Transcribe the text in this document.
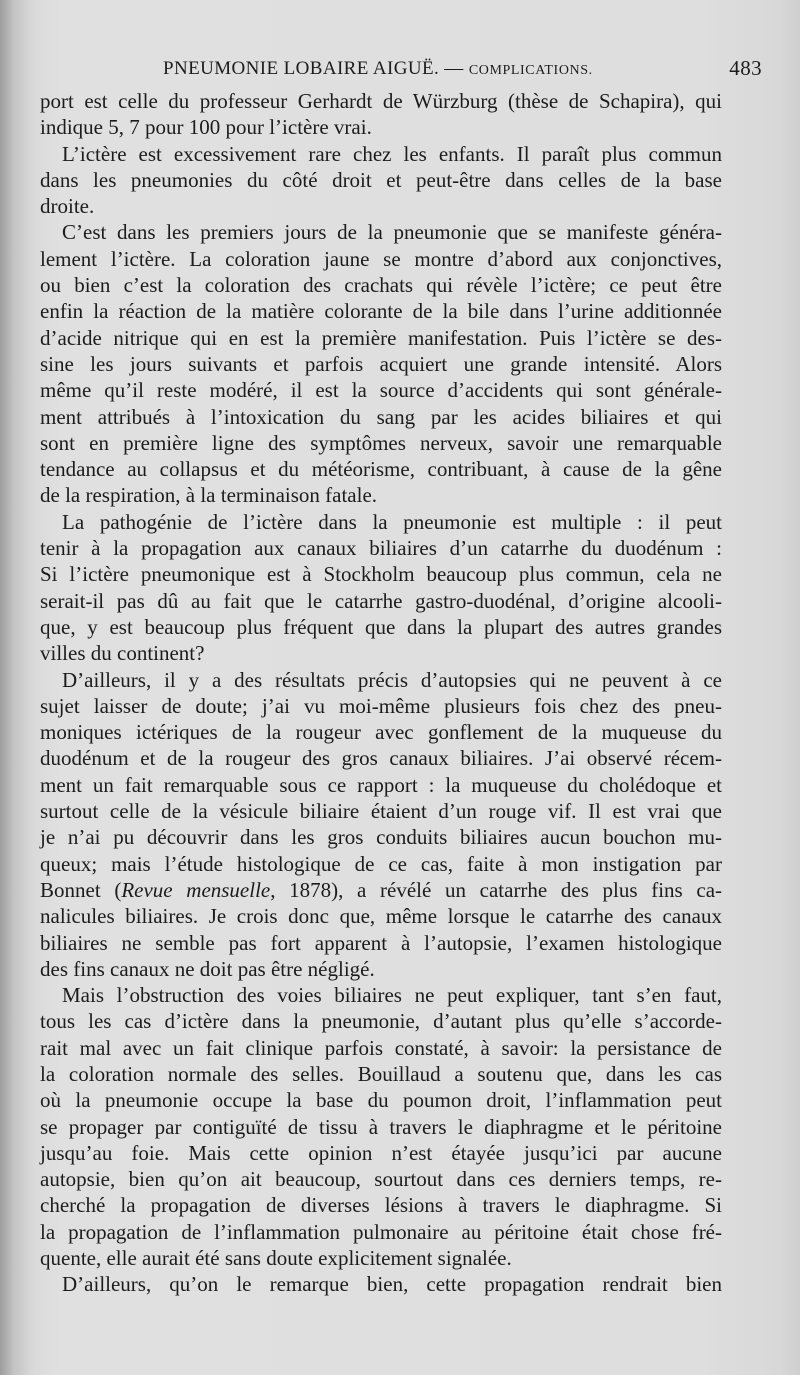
PNEUMONIE LOBAIRE AIGUË. — COMPLICATIONS.	483
port est celle du professeur Gerhardt de Würzburg (thèse de Schapira), qui
indique 5, 7 pour 100 pour l’ictère vrai.
L’ictère est excessivement rare chez les enfants. Il paraît plus commun
dans les pneumonies du côté droit et peut-être dans celles de la base
droite.
C’est dans les premiers jours de la pneumonie que se manifeste généra-
lement l’ictère. La coloration jaune se montre d’abord aux conjonctives,
ou bien c’est la coloration des crachats qui révèle l’ictère; ce peut être
enfin la réaction de la matière colorante de la bile dans l’urine additionnée
d’acide nitrique qui en est la première manifestation. Puis l’ictère se des-
sine les jours suivants et parfois acquiert une grande intensité. Alors
même qu’il reste modéré, il est la source d’accidents qui sont générale-
ment attribués à l’intoxication du sang par les acides biliaires et qui
sont en première ligne des symptômes nerveux, savoir une remarquable
tendance au collapsus et du météorisme, contribuant, à cause de la gêne
de la respiration, à la terminaison fatale.
La pathogénie de l’ictère dans la pneumonie est multiple : il peut
tenir à la propagation aux canaux biliaires d’un catarrhe du duodénum :
Si l’ictère pneumonique est à Stockholm beaucoup plus commun, cela ne
serait-il pas dû au fait que le catarrhe gastro-duodénal, d’origine alcooli-
que, y est beaucoup plus fréquent que dans la plupart des autres grandes
villes du continent?
D’ailleurs, il y a des résultats précis d’autopsies qui ne peuvent à ce
sujet laisser de doute; j’ai vu moi-même plusieurs fois chez des pneu-
moniques ictériques de la rougeur avec gonflement de la muqueuse du
duodénum et de la rougeur des gros canaux biliaires. J’ai observé récem-
ment un fait remarquable sous ce rapport : la muqueuse du cholédoque et
surtout celle de la vésicule biliaire étaient d’un rouge vif. Il est vrai que
je n’ai pu découvrir dans les gros conduits biliaires aucun bouchon mu-
queux; mais l’étude histologique de ce cas, faite à mon instigation par
Bonnet (Revue mensuelle, 1878), a révélé un catarrhe des plus fins ca-
nalicules biliaires. Je crois donc que, même lorsque le catarrhe des canaux
biliaires ne semble pas fort apparent à l’autopsie, l’examen histologique
des fins canaux ne doit pas être négligé.
Mais l’obstruction des voies biliaires ne peut expliquer, tant s’en faut,
tous les cas d’ictère dans la pneumonie, d’autant plus qu’elle s’accorde-
rait mal avec un fait clinique parfois constaté, à savoir: la persistance de
la coloration normale des selles. Bouillaud a soutenu que, dans les cas
où la pneumonie occupe la base du poumon droit, l’inflammation peut
se propager par contiguïté de tissu à travers le diaphragme et le péritoine
jusqu’au foie. Mais cette opinion n’est étayée jusqu’ici par aucune
autopsie, bien qu’on ait beaucoup, sourtout dans ces derniers temps, re-
cherché la propagation de diverses lésions à travers le diaphragme. Si
la propagation de l’inflammation pulmonaire au péritoine était chose fré-
quente, elle aurait été sans doute explicitement signalée.
D’ailleurs, qu’on le remarque bien, cette propagation rendrait bien
